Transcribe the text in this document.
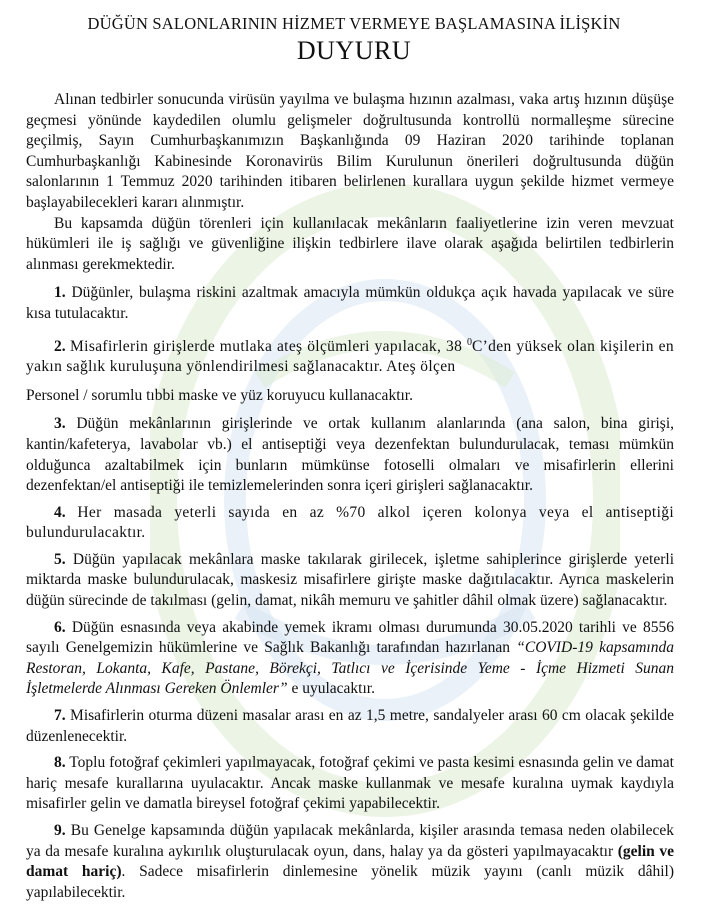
DÜĞÜN SALONLARININ HİZMET VERMEYE BAŞLAMASINA İLİŞKİN
DUYURU

Alınan tedbirler sonucunda virüsün yayılma ve bulaşma hızının azalması, vaka artış hızının düşüşe geçmesi yönünde kaydedilen olumlu gelişmeler doğrultusunda kontrollü normalleşme sürecine geçilmiş, Sayın Cumhurbaşkanımızın Başkanlığında 09 Haziran 2020 tarihinde toplanan Cumhurbaşkanlığı Kabinesinde Koronavirüs Bilim Kurulunun önerileri doğrultusunda düğün salonlarının 1 Temmuz 2020 tarihinden itibaren belirlenen kurallara uygun şekilde hizmet vermeye başlayabilecekleri kararı alınmıştır.

Bu kapsamda düğün törenleri için kullanılacak mekânların faaliyetlerine izin veren mevzuat hükümleri ile iş sağlığı ve güvenliğine ilişkin tedbirlere ilave olarak aşağıda belirtilen tedbirlerin alınması gerekmektedir.

1. Düğünler, bulaşma riskini azaltmak amacıyla mümkün oldukça açık havada yapılacak ve süre kısa tutulacaktır.

2. Misafirlerin girişlerde mutlaka ateş ölçümleri yapılacak, 38 $^0$C’den yüksek olan kişilerin en yakın sağlık kuruluşuna yönlendirilmesi sağlanacaktır. Ateş ölçen

Personel / sorumlu tıbbi maske ve yüz koruyucu kullanacaktır.

3. Düğün mekânlarının girişlerinde ve ortak kullanım alanlarında (ana salon, bina girişi, kantin/kafeterya, lavabolar vb.) el antiseptiği veya dezenfektan bulundurulacak, teması mümkün olduğunca azaltabilmek için bunların mümkünse fotoselli olmaları ve misafirlerin ellerini dezenfektan/el antiseptiği ile temizlemelerinden sonra içeri girişleri sağlanacaktır.

4. Her masada yeterli sayıda en az %70 alkol içeren kolonya veya el antiseptiği bulundurulacaktır.

5. Düğün yapılacak mekânlara maske takılarak girilecek, işletme sahiplerince girişlerde yeterli miktarda maske bulundurulacak, maskesiz misafirlere girişte maske dağıtılacaktır. Ayrıca maskelerin düğün sürecinde de takılması (gelin, damat, nikâh memuru ve şahitler dâhil olmak üzere) sağlanacaktır.

6. Düğün esnasında veya akabinde yemek ikramı olması durumunda 30.05.2020 tarihli ve 8556 sayılı Genelgemizin hükümlerine ve Sağlık Bakanlığı tarafından hazırlanan “COVID-19 kapsamında Restoran, Lokanta, Kafe, Pastane, Börekçi, Tatlıcı ve İçerisinde Yeme - İçme Hizmeti Sunan İşletmelerde Alınması Gereken Önlemler” e uyulacaktır.

7. Misafirlerin oturma düzeni masalar arası en az 1,5 metre, sandalyeler arası 60 cm olacak şekilde düzenlenecektir.

8. Toplu fotoğraf çekimleri yapılmayacak, fotoğraf çekimi ve pasta kesimi esnasında gelin ve damat hariç mesafe kurallarına uyulacaktır. Ancak maske kullanmak ve mesafe kuralına uymak kaydıyla misafirler gelin ve damatla bireysel fotoğraf çekimi yapabilecektir.

9. Bu Genelge kapsamında düğün yapılacak mekânlarda, kişiler arasında temasa neden olabilecek ya da mesafe kuralına aykırılık oluşturulacak oyun, dans, halay ya da gösteri yapılmayacaktır (gelin ve damat hariç). Sadece misafirlerin dinlemesine yönelik müzik yayını (canlı müzik dâhil) yapılabilecektir.
